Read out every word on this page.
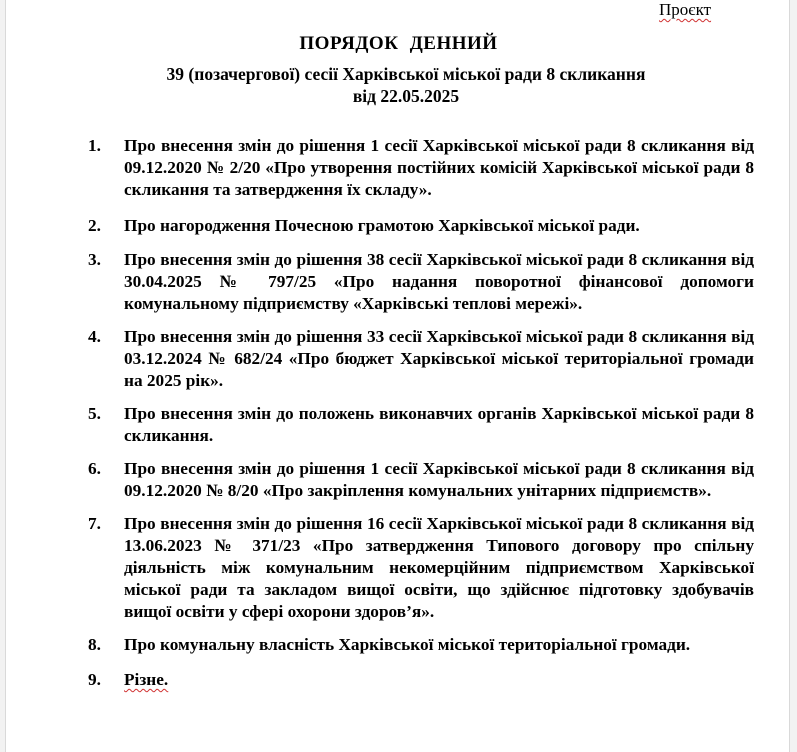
Проєкт
ПОРЯДОК ДЕННИЙ
39 (позачергової) сесії Харківської міської ради 8 скликання
від 22.05.2025
1. Про внесення змін до рішення 1 сесії Харківської міської ради 8 скликання від 09.12.2020 № 2/20 «Про утворення постійних комісій Харківської міської ради 8 скликання та затвердження їх складу».
2. Про нагородження Почесною грамотою Харківської міської ради.
3. Про внесення змін до рішення 38 сесії Харківської міської ради 8 скликання від 30.04.2025 № 797/25 «Про надання поворотної фінансової допомоги комунальному підприємству «Харківські теплові мережі».
4. Про внесення змін до рішення 33 сесії Харківської міської ради 8 скликання від 03.12.2024 № 682/24 «Про бюджет Харківської міської територіальної громади на 2025 рік».
5. Про внесення змін до положень виконавчих органів Харківської міської ради 8 скликання.
6. Про внесення змін до рішення 1 сесії Харківської міської ради 8 скликання від 09.12.2020 № 8/20 «Про закріплення комунальних унітарних підприємств».
7. Про внесення змін до рішення 16 сесії Харківської міської ради 8 скликання від 13.06.2023 № 371/23 «Про затвердження Типового договору про спільну діяльність між комунальним некомерційним підприємством Харківської міської ради та закладом вищої освіти, що здійснює підготовку здобувачів вищої освіти у сфері охорони здоров’я».
8. Про комунальну власність Харківської міської територіальної громади.
9. Різне.
